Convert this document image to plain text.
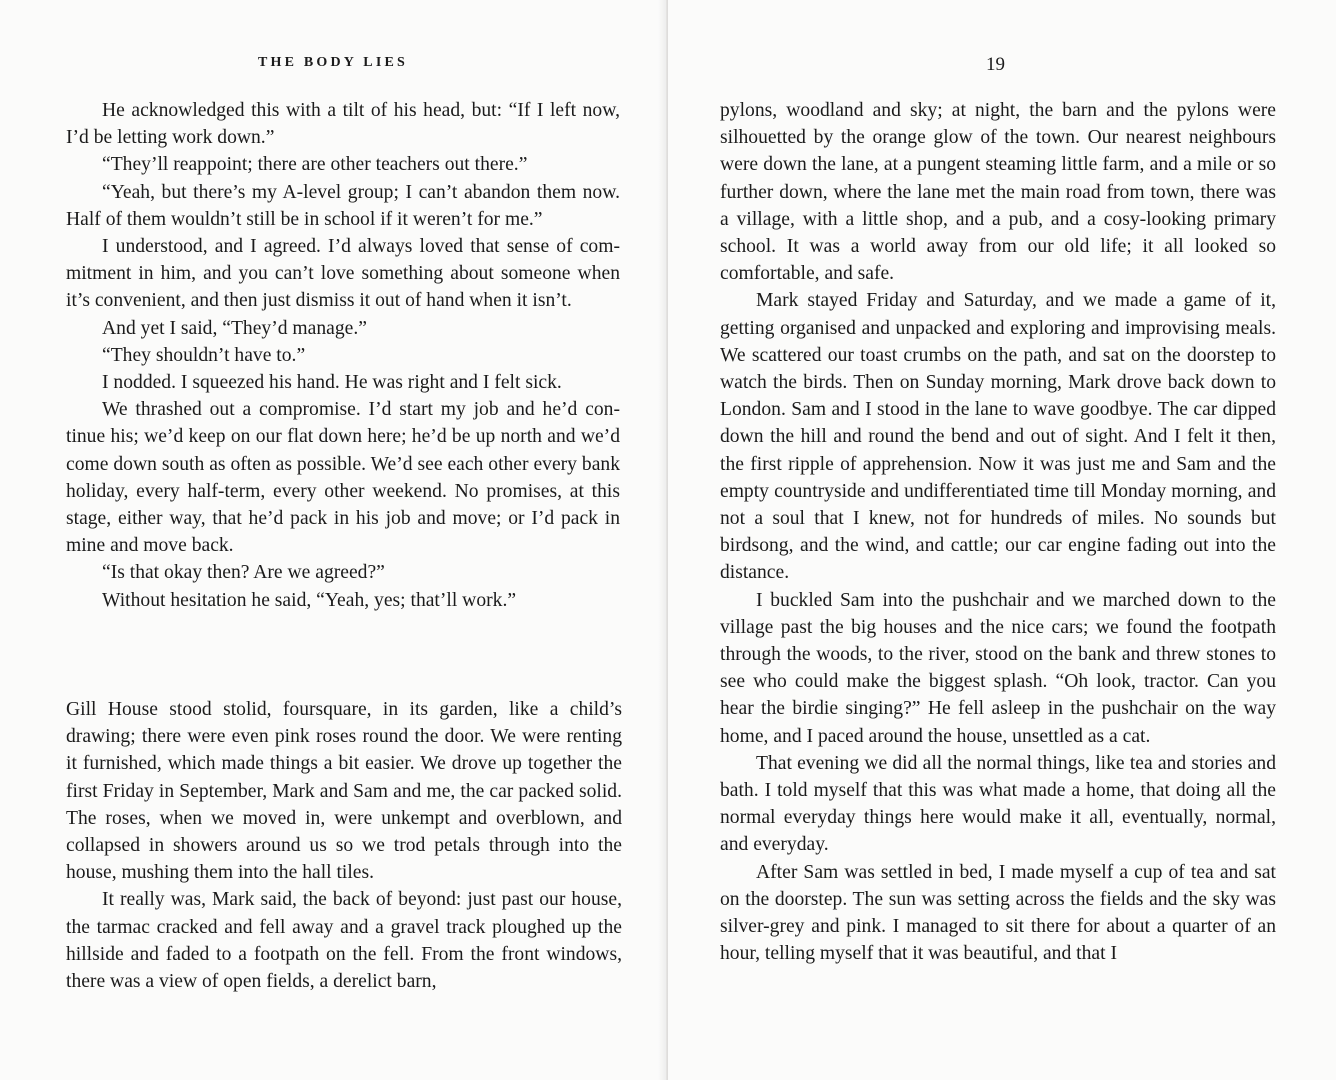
THE BODY LIES

He acknowledged this with a tilt of his head, but: “If I left now, I’d be letting work down.”

“They’ll reappoint; there are other teachers out there.”

“Yeah, but there’s my A-level group; I can’t abandon them now. Half of them wouldn’t still be in school if it weren’t for me.”

I understood, and I agreed. I’d always loved that sense of commitment in him, and you can’t love something about someone when it’s convenient, and then just dismiss it out of hand when it isn’t.

And yet I said, “They’d manage.”

“They shouldn’t have to.”

I nodded. I squeezed his hand. He was right and I felt sick.

We thrashed out a compromise. I’d start my job and he’d continue his; we’d keep on our flat down here; he’d be up north and we’d come down south as often as possible. We’d see each other every bank holiday, every half-term, every other weekend. No promises, at this stage, either way, that he’d pack in his job and move; or I’d pack in mine and move back.

“Is that okay then? Are we agreed?”

Without hesitation he said, “Yeah, yes; that’ll work.”

Gill House stood stolid, foursquare, in its garden, like a child’s drawing; there were even pink roses round the door. We were renting it furnished, which made things a bit easier. We drove up together the first Friday in September, Mark and Sam and me, the car packed solid. The roses, when we moved in, were unkempt and overblown, and collapsed in showers around us so we trod petals through into the house, mushing them into the hall tiles.

It really was, Mark said, the back of beyond: just past our house, the tarmac cracked and fell away and a gravel track ploughed up the hillside and faded to a footpath on the fell. From the front windows, there was a view of open fields, a derelict barn,

19

pylons, woodland and sky; at night, the barn and the pylons were silhouetted by the orange glow of the town. Our nearest neighbours were down the lane, at a pungent steaming little farm, and a mile or so further down, where the lane met the main road from town, there was a village, with a little shop, and a pub, and a cosy-looking primary school. It was a world away from our old life; it all looked so comfortable, and safe.

Mark stayed Friday and Saturday, and we made a game of it, getting organised and unpacked and exploring and improvising meals. We scattered our toast crumbs on the path, and sat on the doorstep to watch the birds. Then on Sunday morning, Mark drove back down to London. Sam and I stood in the lane to wave goodbye. The car dipped down the hill and round the bend and out of sight. And I felt it then, the first ripple of apprehension. Now it was just me and Sam and the empty countryside and undifferentiated time till Monday morning, and not a soul that I knew, not for hundreds of miles. No sounds but birdsong, and the wind, and cattle; our car engine fading out into the distance.

I buckled Sam into the pushchair and we marched down to the village past the big houses and the nice cars; we found the footpath through the woods, to the river, stood on the bank and threw stones to see who could make the biggest splash. “Oh look, tractor. Can you hear the birdie singing?” He fell asleep in the pushchair on the way home, and I paced around the house, unsettled as a cat.

That evening we did all the normal things, like tea and stories and bath. I told myself that this was what made a home, that doing all the normal everyday things here would make it all, eventually, normal, and everyday.

After Sam was settled in bed, I made myself a cup of tea and sat on the doorstep. The sun was setting across the fields and the sky was silver-grey and pink. I managed to sit there for about a quarter of an hour, telling myself that it was beautiful, and that I
